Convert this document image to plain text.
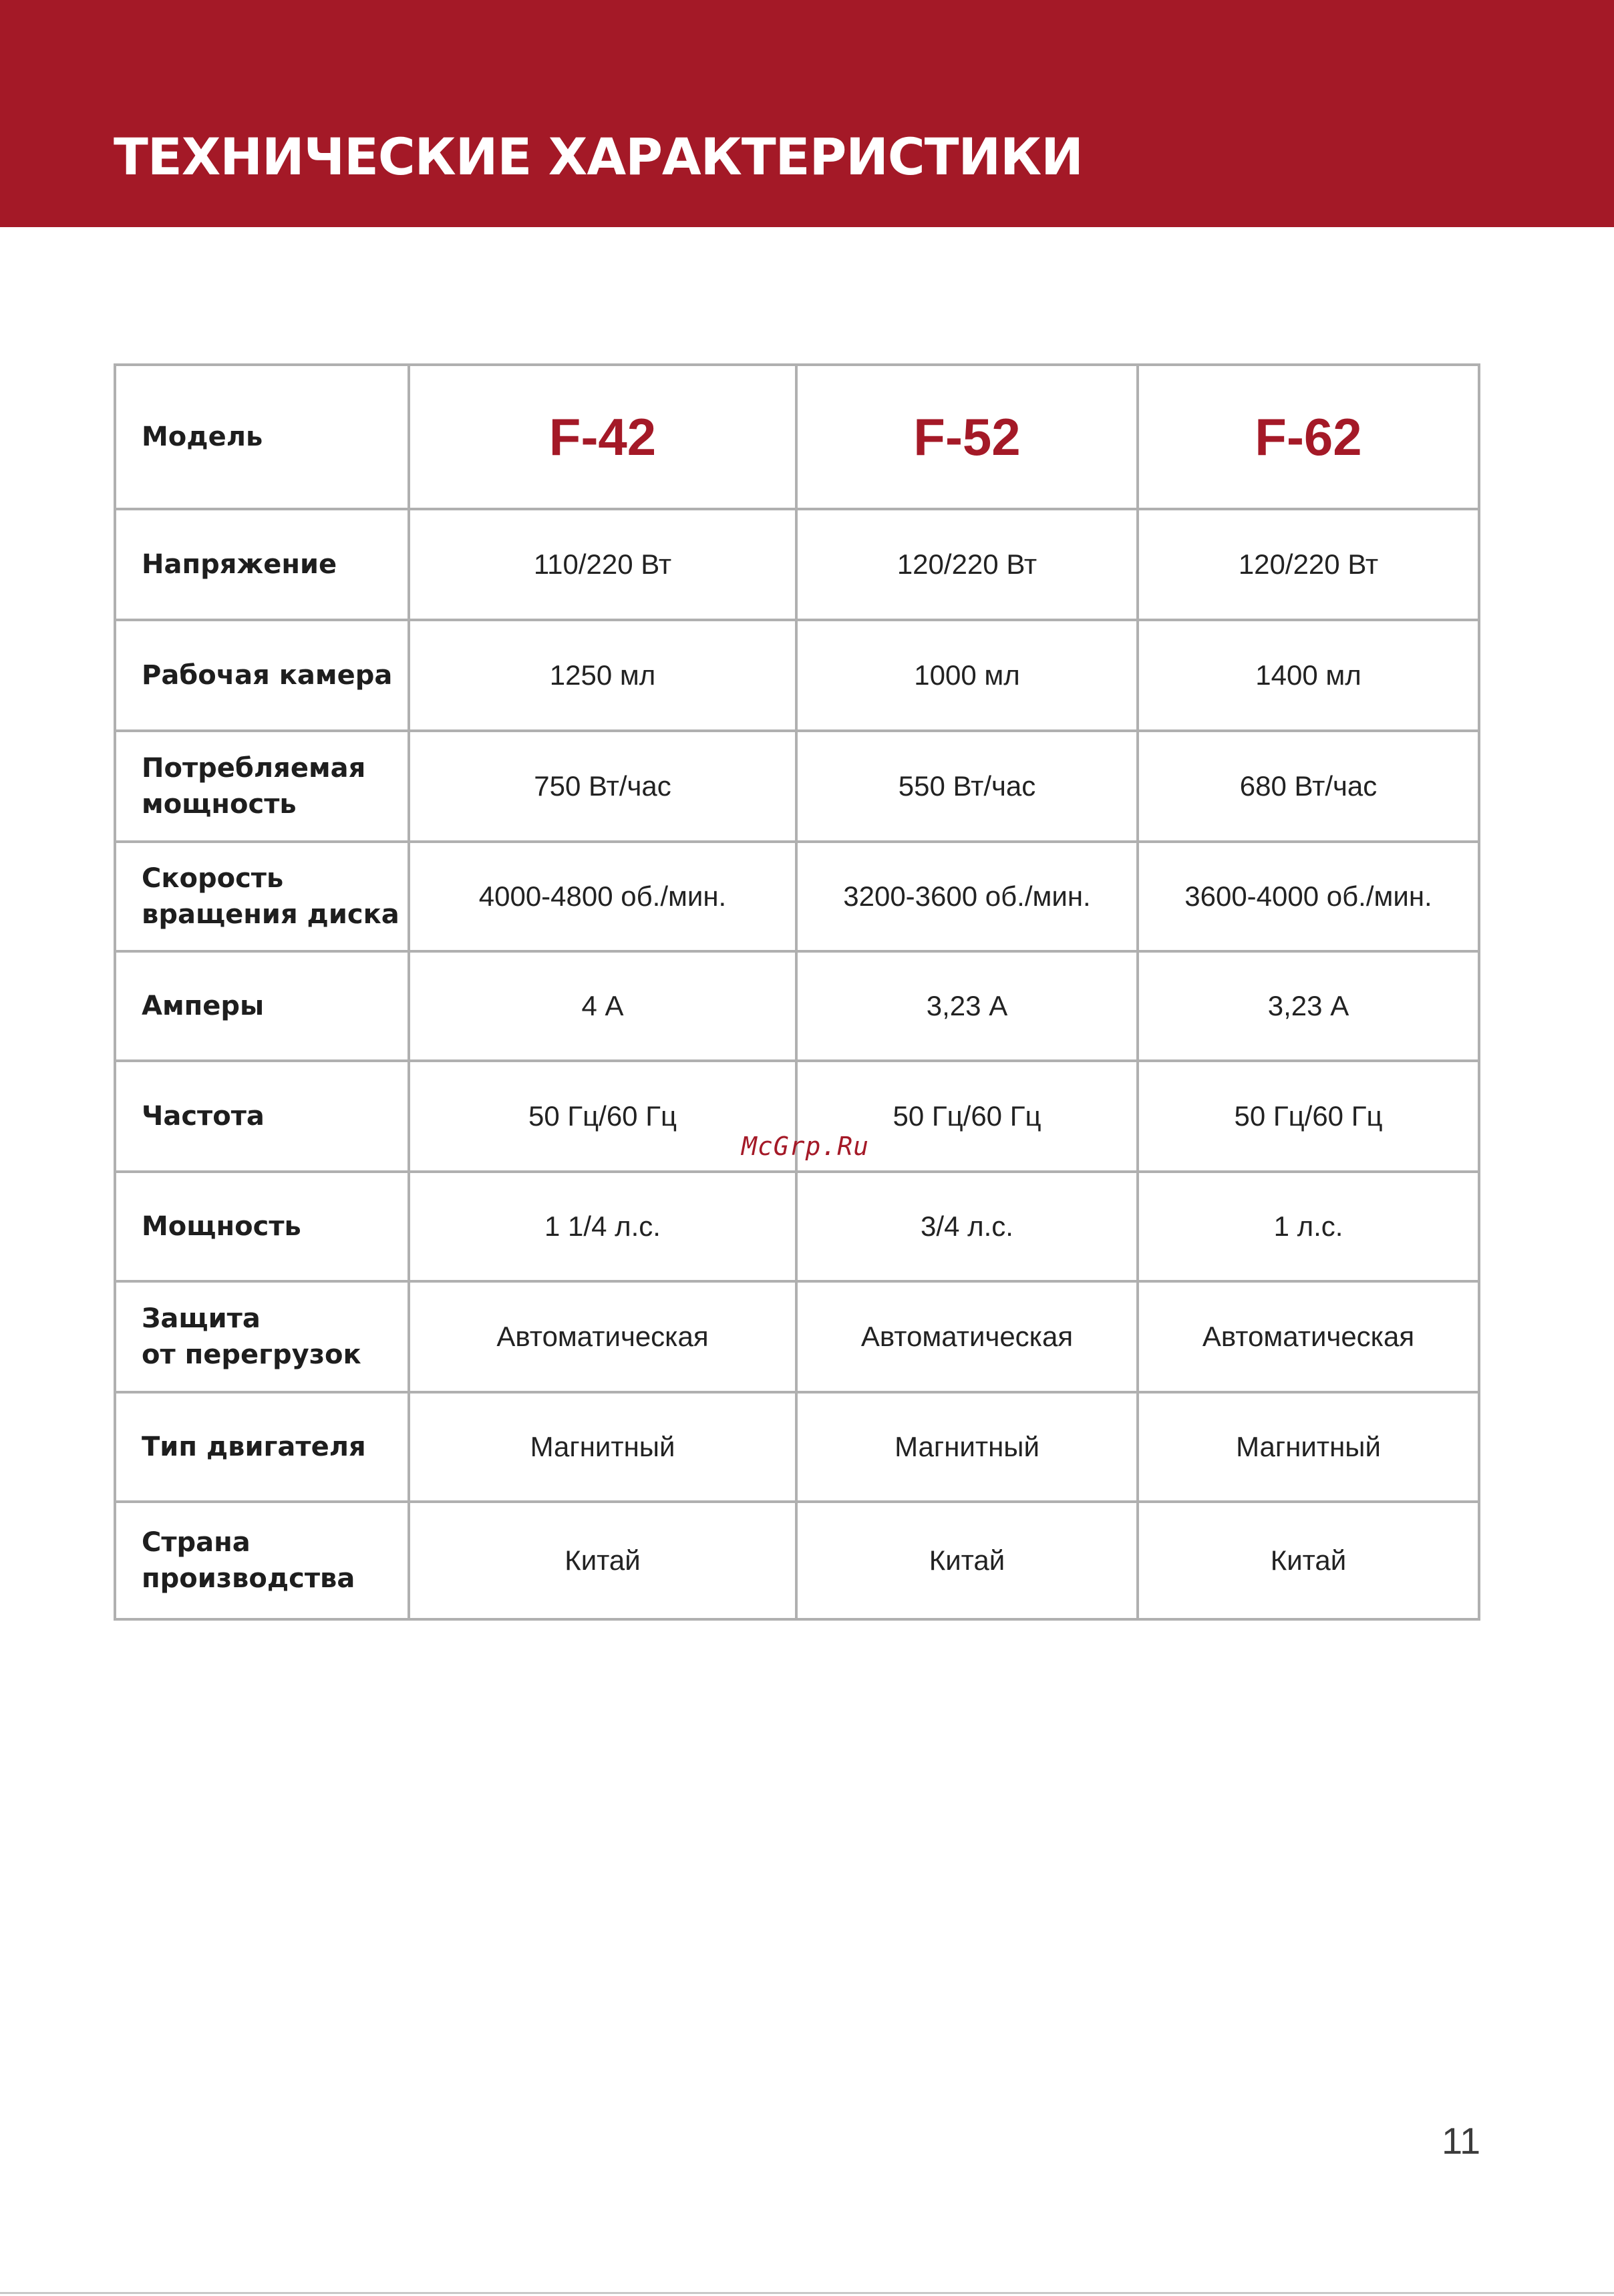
ТЕХНИЧЕСКИЕ ХАРАКТЕРИСТИКИ
Модель	F-42	F-52	F-62
Напряжение	110/220 Вт	120/220 Вт	120/220 Вт
Рабочая камера	1250 мл	1000 мл	1400 мл
Потребляемая
мощность	750 Вт/час	550 Вт/час	680 Вт/час
Скорость
вращения диска	4000-4800 об./мин.	3200-3600 об./мин.	3600-4000 об./мин.
Амперы	4 А	3,23 А	3,23 А
Частота	50 Гц/60 Гц	50 Гц/60 Гц	50 Гц/60 Гц
Мощность	1 1/4 л.с.	3/4 л.с.	1 л.с.
Защита
от перегрузок	Автоматическая	Автоматическая	Автоматическая
Тип двигателя	Магнитный	Магнитный	Магнитный
Страна
производства	Китай	Китай	Китай
McGrp.Ru
11
